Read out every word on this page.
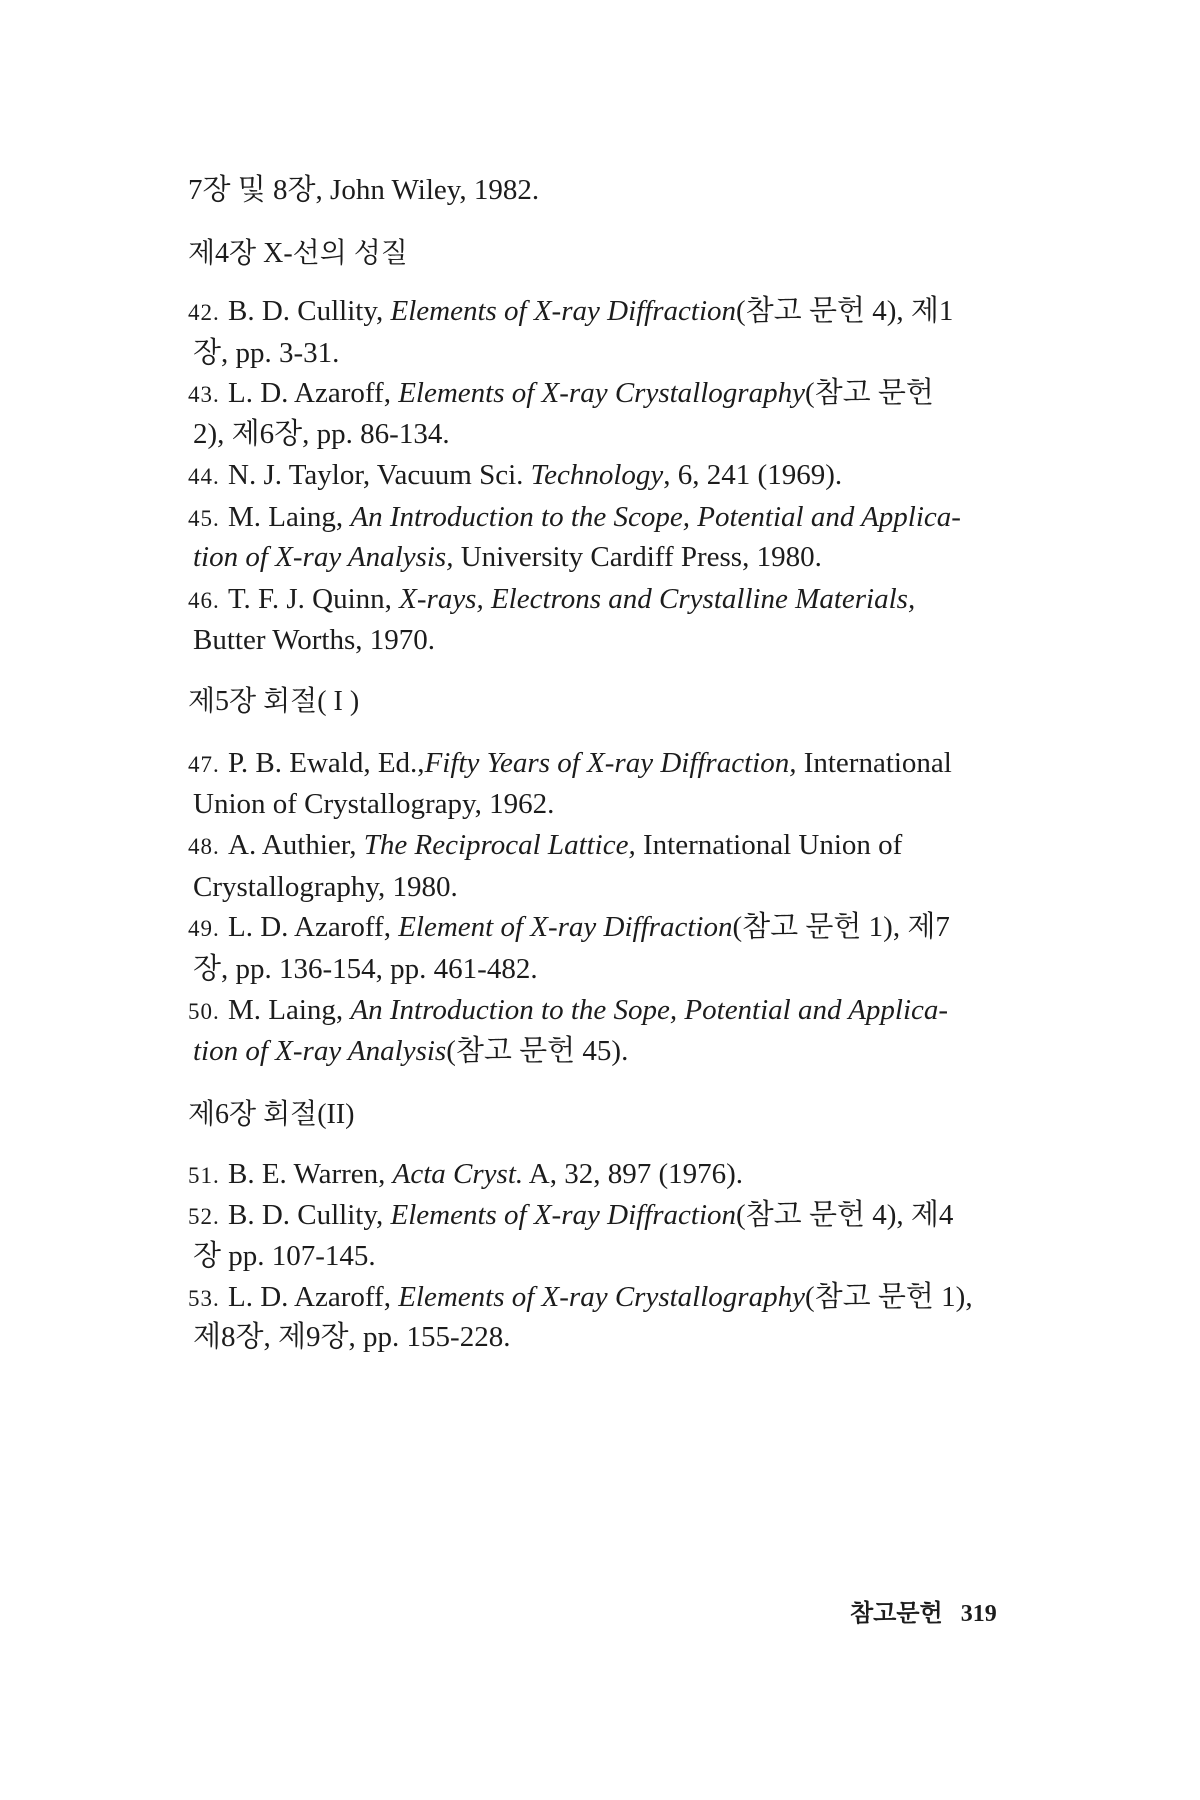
7장 및 8장, John Wiley, 1982.
제4장 X-선의 성질
42. B. D. Cullity, Elements of X-ray Diffraction(참고 문헌 4), 제1
장, pp. 3-31.
43. L. D. Azaroff, Elements of X-ray Crystallography(참고 문헌
2), 제6장, pp. 86-134.
44. N. J. Taylor, Vacuum Sci. Technology, 6, 241 (1969).
45. M. Laing, An Introduction to the Scope, Potential and Applica-
tion of X-ray Analysis, University Cardiff Press, 1980.
46. T. F. J. Quinn, X-rays, Electrons and Crystalline Materials,
Butter Worths, 1970.
제5장 회절( I )
47. P. B. Ewald, Ed.,Fifty Years of X-ray Diffraction, International
Union of Crystallograpy, 1962.
48. A. Authier, The Reciprocal Lattice, International Union of
Crystallography, 1980.
49. L. D. Azaroff, Element of X-ray Diffraction(참고 문헌 1), 제7
장, pp. 136-154, pp. 461-482.
50. M. Laing, An Introduction to the Sope, Potential and Applica-
tion of X-ray Analysis(참고 문헌 45).
제6장 회절(II)
51. B. E. Warren, Acta Cryst. A, 32, 897 (1976).
52. B. D. Cullity, Elements of X-ray Diffraction(참고 문헌 4), 제4
장 pp. 107-145.
53. L. D. Azaroff, Elements of X-ray Crystallography(참고 문헌 1),
제8장, 제9장, pp. 155-228.
참고문헌 319
